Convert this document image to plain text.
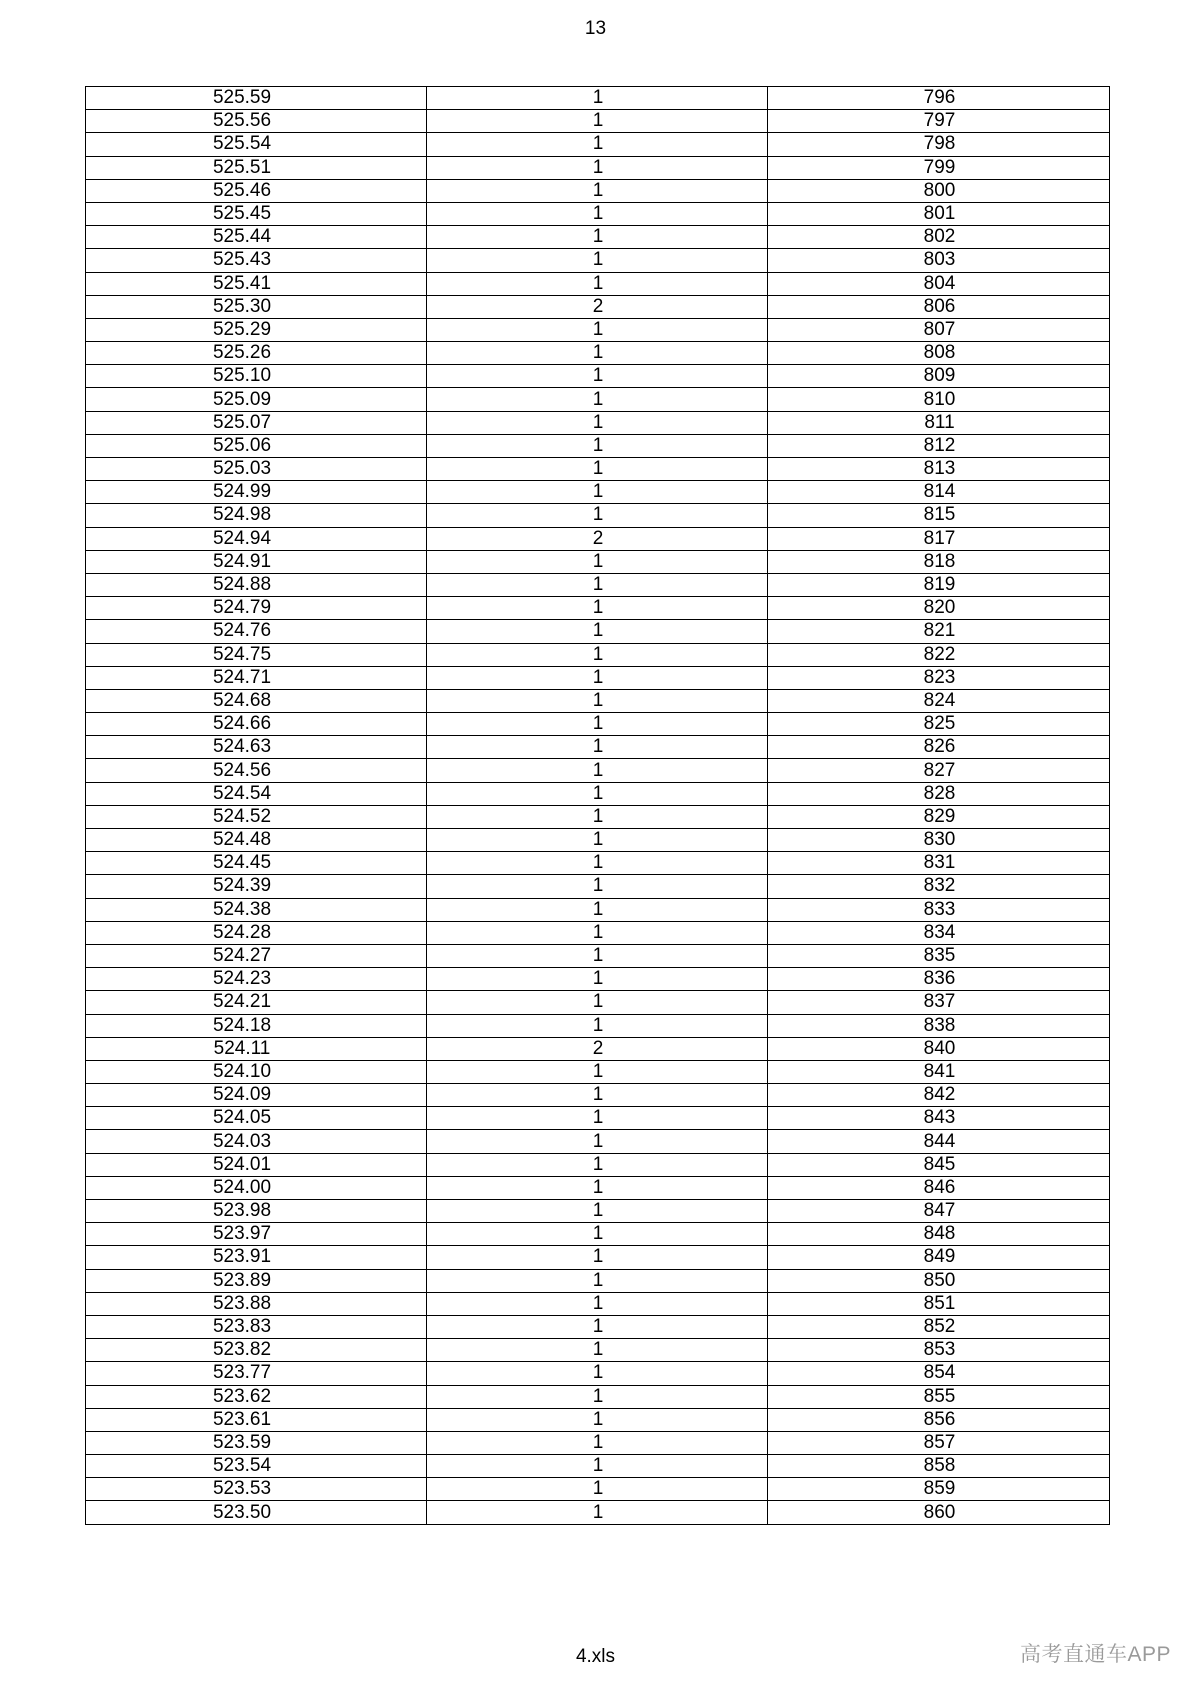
13
525.59	1	796
525.56	1	797
525.54	1	798
525.51	1	799
525.46	1	800
525.45	1	801
525.44	1	802
525.43	1	803
525.41	1	804
525.30	2	806
525.29	1	807
525.26	1	808
525.10	1	809
525.09	1	810
525.07	1	811
525.06	1	812
525.03	1	813
524.99	1	814
524.98	1	815
524.94	2	817
524.91	1	818
524.88	1	819
524.79	1	820
524.76	1	821
524.75	1	822
524.71	1	823
524.68	1	824
524.66	1	825
524.63	1	826
524.56	1	827
524.54	1	828
524.52	1	829
524.48	1	830
524.45	1	831
524.39	1	832
524.38	1	833
524.28	1	834
524.27	1	835
524.23	1	836
524.21	1	837
524.18	1	838
524.11	2	840
524.10	1	841
524.09	1	842
524.05	1	843
524.03	1	844
524.01	1	845
524.00	1	846
523.98	1	847
523.97	1	848
523.91	1	849
523.89	1	850
523.88	1	851
523.83	1	852
523.82	1	853
523.77	1	854
523.62	1	855
523.61	1	856
523.59	1	857
523.54	1	858
523.53	1	859
523.50	1	860
4.xls	高考直通车APP
